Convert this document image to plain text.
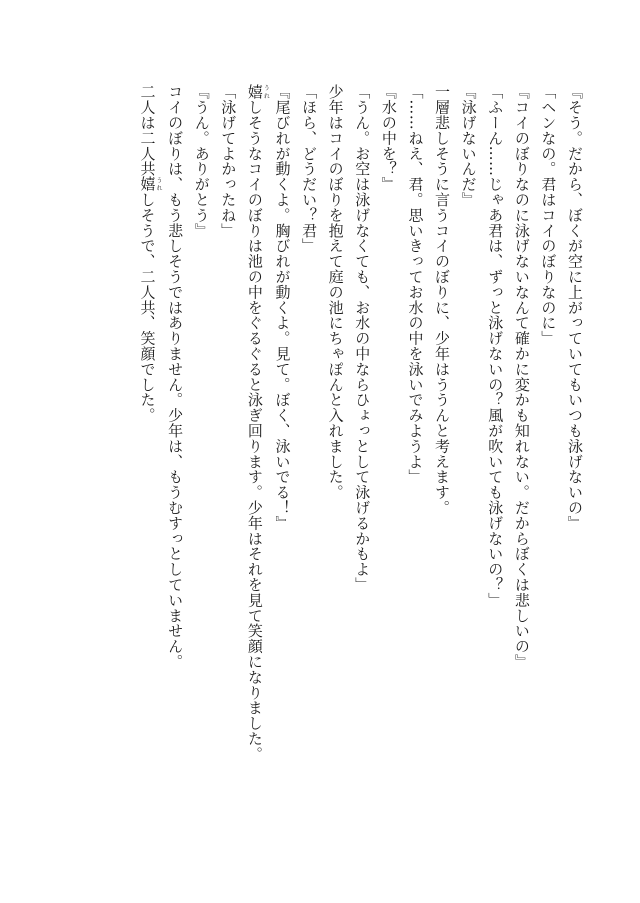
『そう。だから、ぼくが空に上がっていてもいつも泳げないの』
「ヘンなの。君はコイのぼりなのに」
『コイのぼりなのに泳げないなんて確かに変かも知れない。だからぼくは悲しいの』
「ふーん……じゃあ君は、ずっと泳げないの？風が吹いても泳げないの？」
『泳げないんだ』
一層悲しそうに言うコイのぼりに、少年はううんと考えます。
「……ねえ、君。思いきってお水の中を泳いでみようよ」
『水の中を？』
「うん。お空は泳げなくても、お水の中ならひょっとして泳げるかもよ」
少年はコイのぼりを抱えて庭の池にちゃぽんと入れました。
「ほら、どうだい？君」
『尾びれが動くよ。胸びれが動くよ。見て。ぼく、泳いでる！』
嬉うれしそうなコイのぼりは池の中をぐるぐると泳ぎ回ります。少年はそれを見て笑顔になりました。
「泳げてよかったね」
『うん。ありがとう』
コイのぼりは、もう悲しそうではありません。少年は、もうむすっとしていません。
二人は二人共嬉うれしそうで、二人共、笑顔でした。
